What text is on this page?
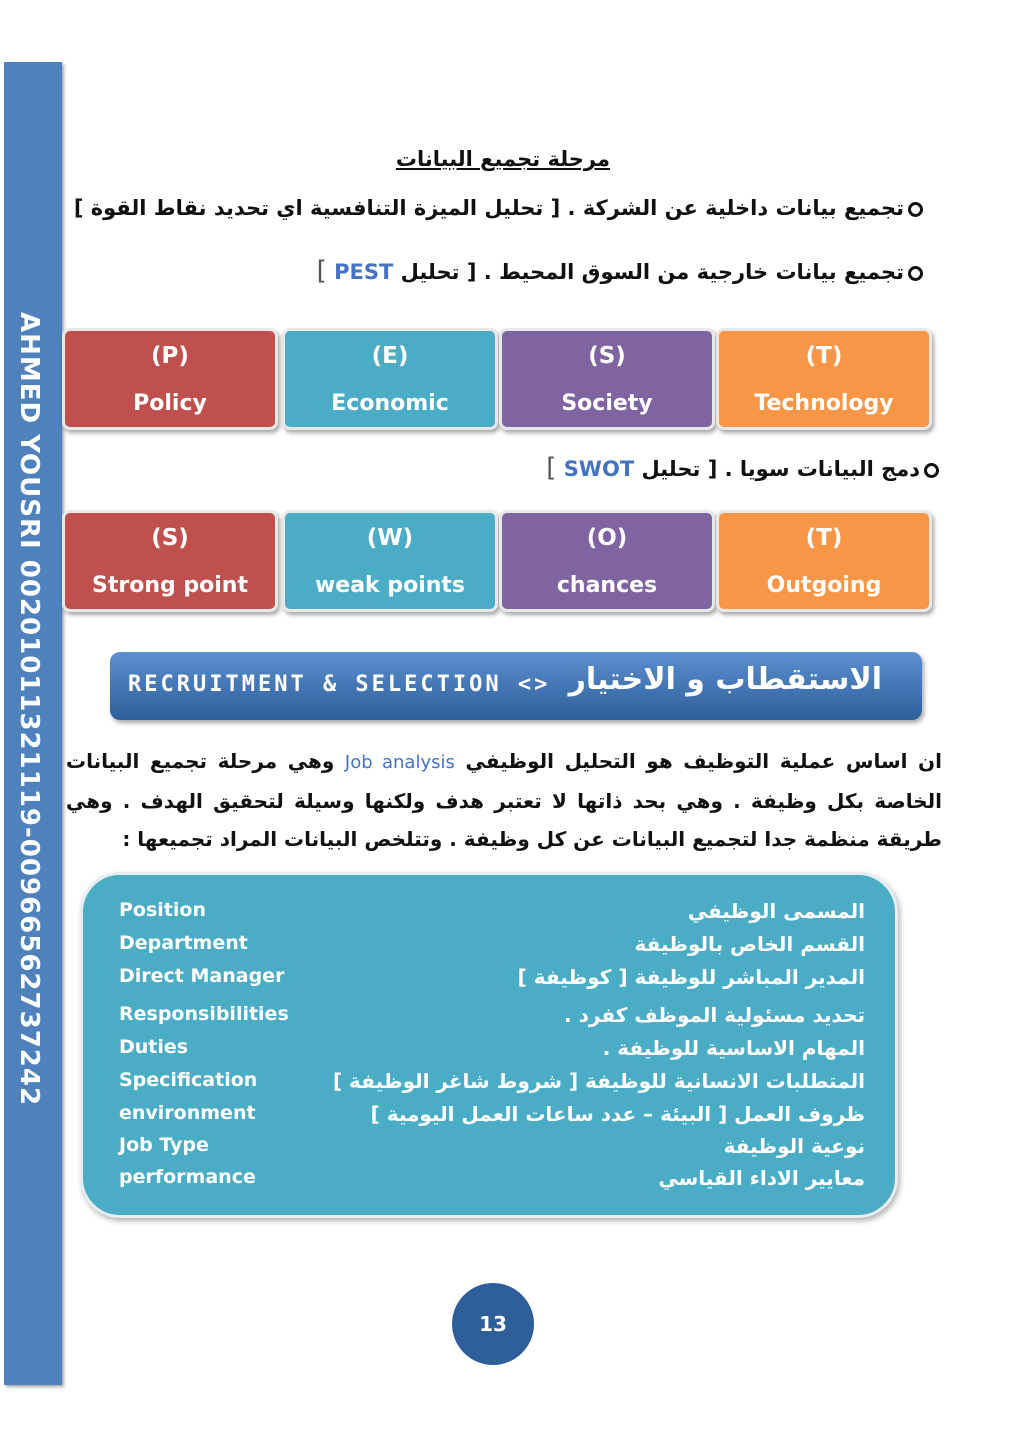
AHMED YOUSRI 00201011321119-00966562737242
مرحلة تجميع البيانات
تجميع بيانات داخلية عن الشركة . [ تحليل الميزة التنافسية اي تحديد نقاط القوة ]
تجميع بيانات خارجية من السوق المحيط . [ تحليل PEST ]
(P)
Policy
(E)
Economic
(S)
Society
(T)
Technology
دمج البيانات سويا . [ تحليل SWOT ]
(S)
Strong point
(W)
weak points
(O)
chances
(T)
Outgoing
RECRUITMENT & SELECTION <> الاستقطاب و الاختيار
ان اساس عملية التوظيف هو التحليل الوظيفي Job analysis وهي مرحلة تجميع البيانات الخاصة بكل وظيفة . وهي بحد ذاتها لا تعتبر هدف ولكنها وسيلة لتحقيق الهدف . وهي طريقة منظمة جدا لتجميع البيانات عن كل وظيفة . وتتلخص البيانات المراد تجميعها :
Position	المسمى الوظيفي
Department	القسم الخاص بالوظيفة
Direct Manager	المدير المباشر للوظيفة [ كوظيفة ]
Responsibilities	تحديد مسئولية الموظف كفرد .
Duties	المهام الاساسية للوظيفة .
Specification	المتطلبات الانسانية للوظيفة [ شروط شاغر الوظيفة ]
environment	ظروف العمل [ البيئة – عدد ساعات العمل اليومية ]
Job Type	نوعية الوظيفة
performance	معايير الاداء القياسي
13
